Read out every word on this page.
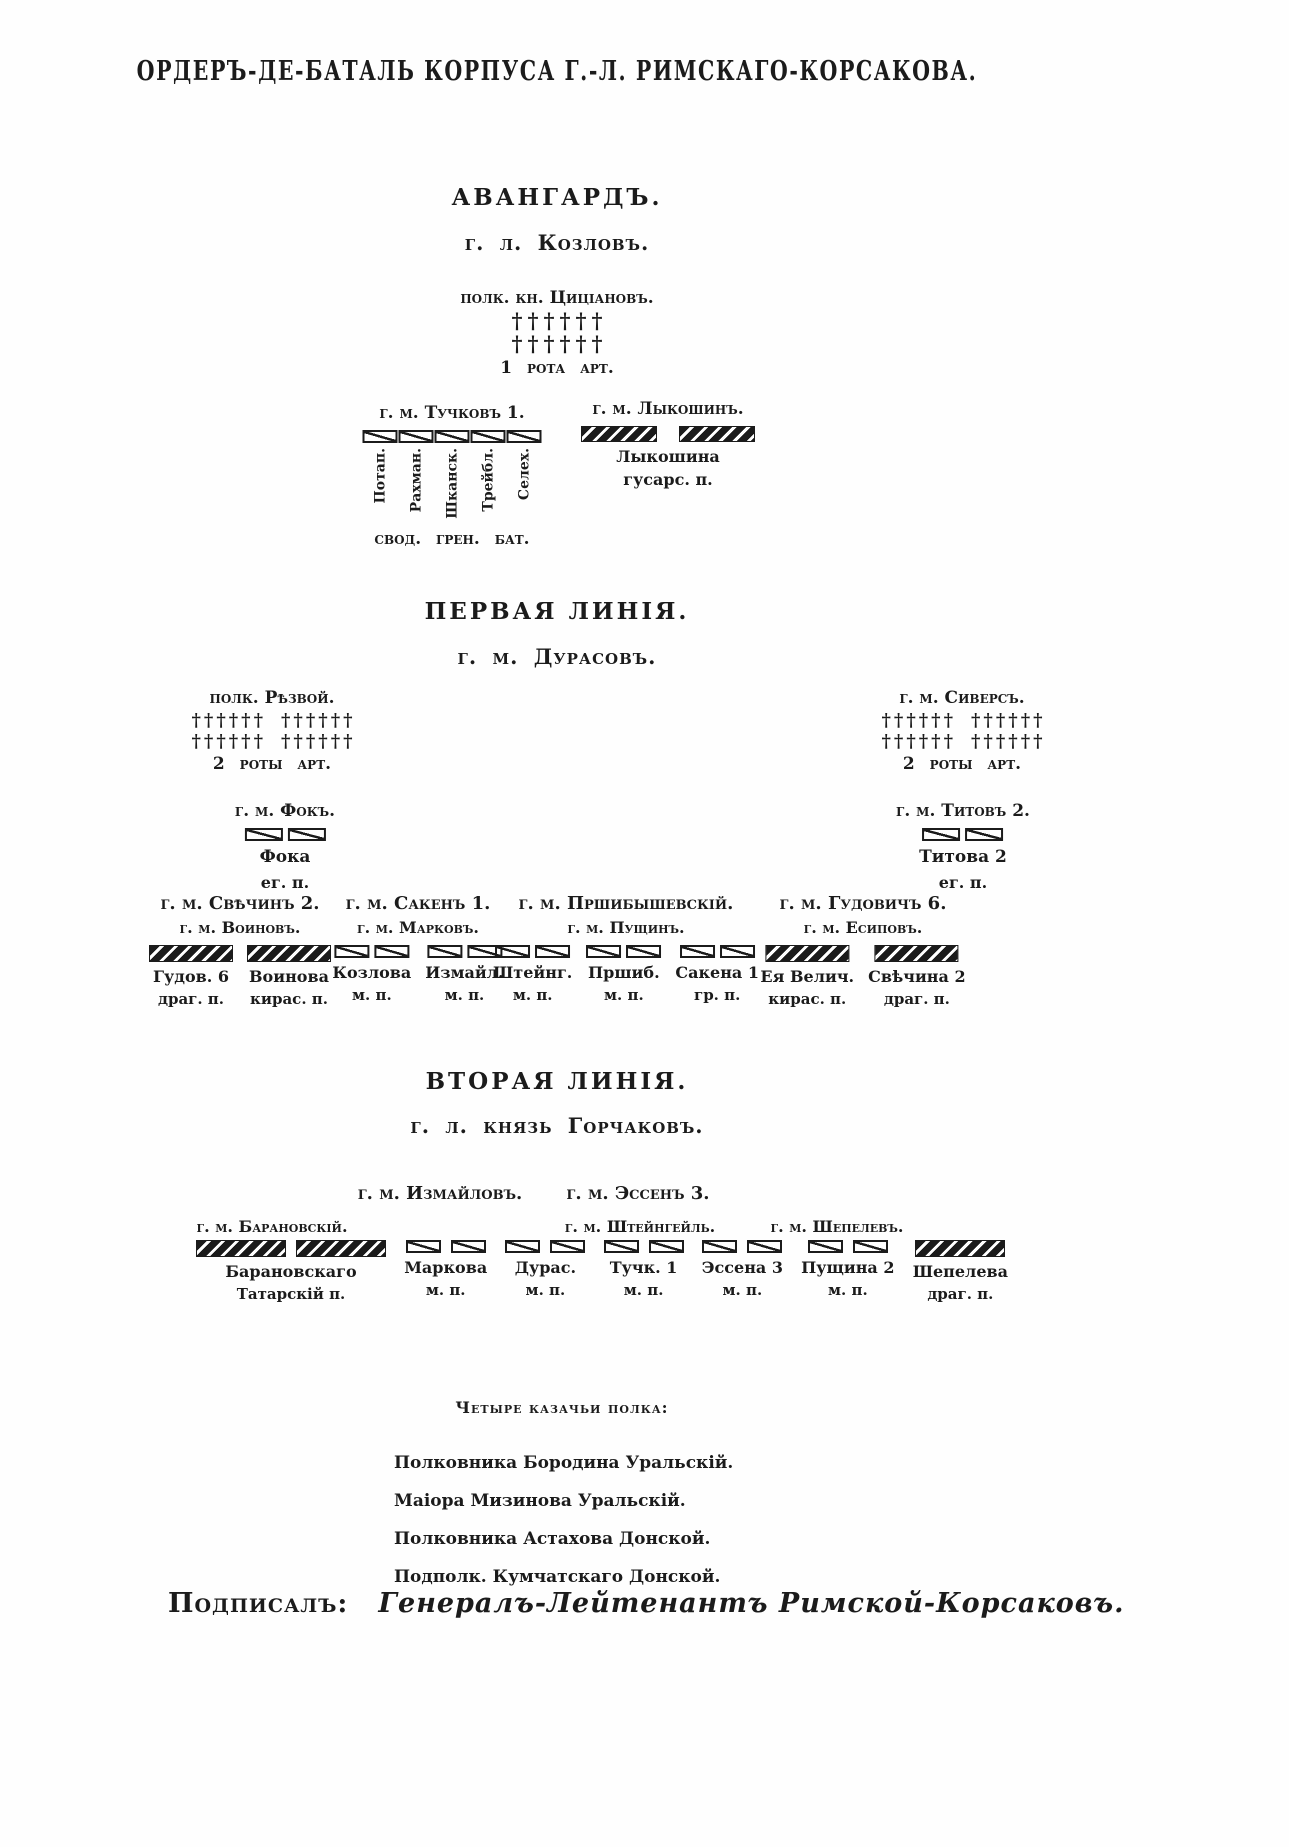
ОРДЕРЪ-ДЕ-БАТАЛЬ КОРПУСА Г.-Л. РИМСКАГО-КОРСАКОВА.
АВАНГАРДЪ.
г. л. Козловъ.
полк. кн. Циціановъ.
††††††
††††††
1 рота арт.
г. м. Тучковъ 1.
Потап. Рахман. Шканск. Трейбл. Селех.
свод. грен. бат.
г. м. Лыкошинъ.
Лыкошина
гусарс. п.
ПЕРВАЯ ЛИНІЯ.
г. м. Дурасовъ.
полк. Рѣзвой.
††††††
††††††
††††††
††††††
2 роты арт.
г. м. Сиверсъ.
††††††
††††††
††††††
††††††
2 роты арт.
г. м. Фокъ.
Фока
ег. п.
г. м. Титовъ 2.
Титова 2
ег. п.
г. м. Свѣчинъ 2.
г. м. Воиновъ.
Гудов. 6
драг. п.
Воинова
кирас. п.
г. м. Сакенъ 1.
г. м. Марковъ.
Козлова
м. п.
Измайл.
м. п.
г. м. Пршибышевскій.
г. м. Пущинъ.
Штейнг.
м. п.
Пршиб.
м. п.
Сакена 1
гр. п.
г. м. Гудовичъ 6.
г. м. Есиповъ.
Ея Велич.
кирас. п.
Свѣчина 2
драг. п.
ВТОРАЯ ЛИНІЯ.
г. л. князь Горчаковъ.
г. м. Измайловъ. г. м. Эссенъ 3.
г. м. Барановскій.	г. м. Штейнгейль.	г. м. Шепелевъ.
Барановскаго
Татарскій п.
Маркова
м. п.
Дурас.
м. п.
Тучк. 1
м. п.
Эссена 3
м. п.
Пущина 2
м. п.
Шепелева
драг. п.
Четыре казачьи полка:
Полковника Бородина Уральскій.
Маіора Мизинова Уральскій.
Полковника Астахова Донской.
Подполк. Кумчатскаго Донской.
Подписалъ: Генералъ-Лейтенантъ Римской-Корсаковъ.
